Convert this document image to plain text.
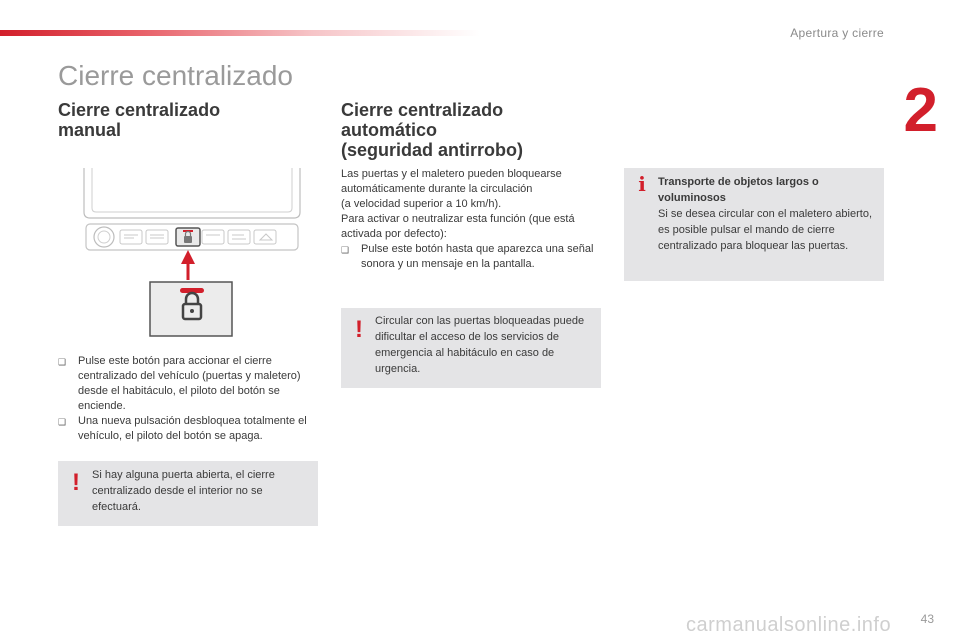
Apertura y cierre
2
Cierre centralizado
Cierre centralizado
manual
Cierre centralizado
automático
(seguridad antirrobo)
❑	Pulse este botón para accionar el cierre centralizado del vehículo (puertas y maletero) desde el habitáculo, el piloto del botón se enciende.
❑	Una nueva pulsación desbloquea totalmente el vehículo, el piloto del botón se apaga.
!	Si hay alguna puerta abierta, el cierre centralizado desde el interior no se efectuará.

Las puertas y el maletero pueden bloquearse automáticamente durante la circulación

(a velocidad superior a 10 km/h).

Para activar o neutralizar esta función (que está activada por defecto):

❑	Pulse este botón hasta que aparezca una señal sonora y un mensaje en la pantalla.
!	Circular con las puertas bloqueadas puede dificultar el acceso de los servicios de emergencia al habitáculo en caso de urgencia.
i	Transporte de objetos largos o voluminosos
Si se desea circular con el maletero abierto, es posible pulsar el mando de cierre centralizado para bloquear las puertas.
carmanualsonline.info 43
